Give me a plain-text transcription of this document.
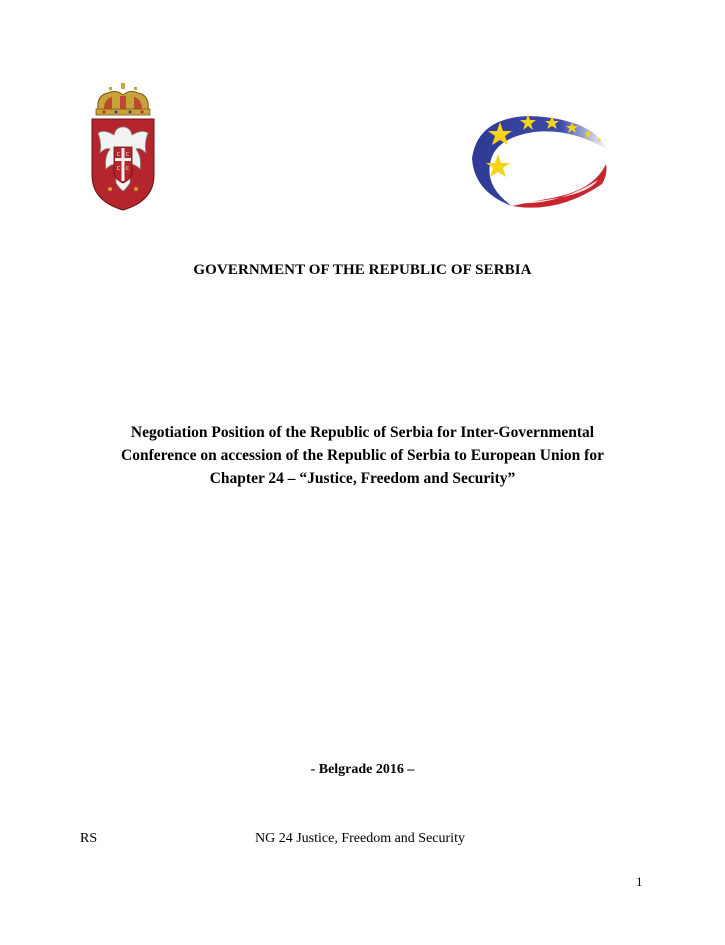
C C
C C
GOVERNMENT OF THE REPUBLIC OF SERBIA
Negotiation Position of the Republic of Serbia for Inter-Governmental
Conference on accession of the Republic of Serbia to European Union for
Chapter 24 – “Justice, Freedom and Security”
- Belgrade 2016 –
RS	NG 24 Justice, Freedom and Security
1
